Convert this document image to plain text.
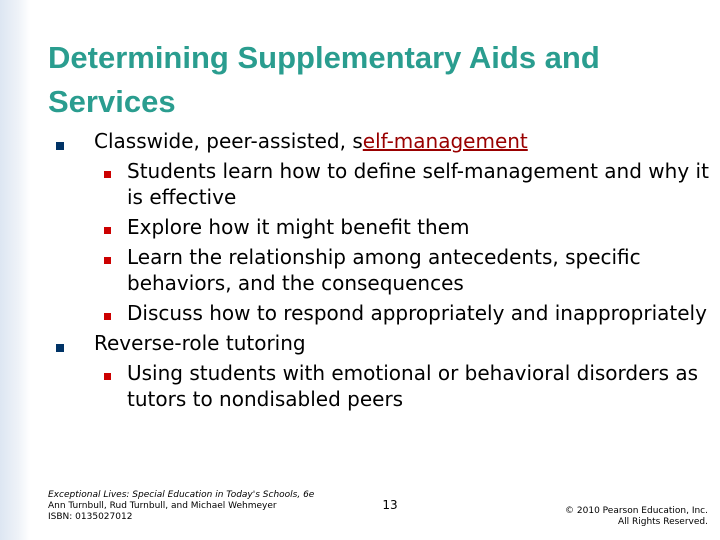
Determining Supplementary Aids and Services
Classwide, peer-assisted, self-management
Students learn how to define self-management and why it is effective
Explore how it might benefit them
Learn the relationship among antecedents, specific behaviors, and the consequences
Discuss how to respond appropriately and inappropriately
Reverse-role tutoring
Using students with emotional or behavioral disorders as tutors to nondisabled peers
Exceptional Lives: Special Education in Today's Schools, 6e
Ann Turnbull, Rud Turnbull, and Michael Wehmeyer
ISBN: 0135027012
13	© 2010 Pearson Education, Inc.
All Rights Reserved.
